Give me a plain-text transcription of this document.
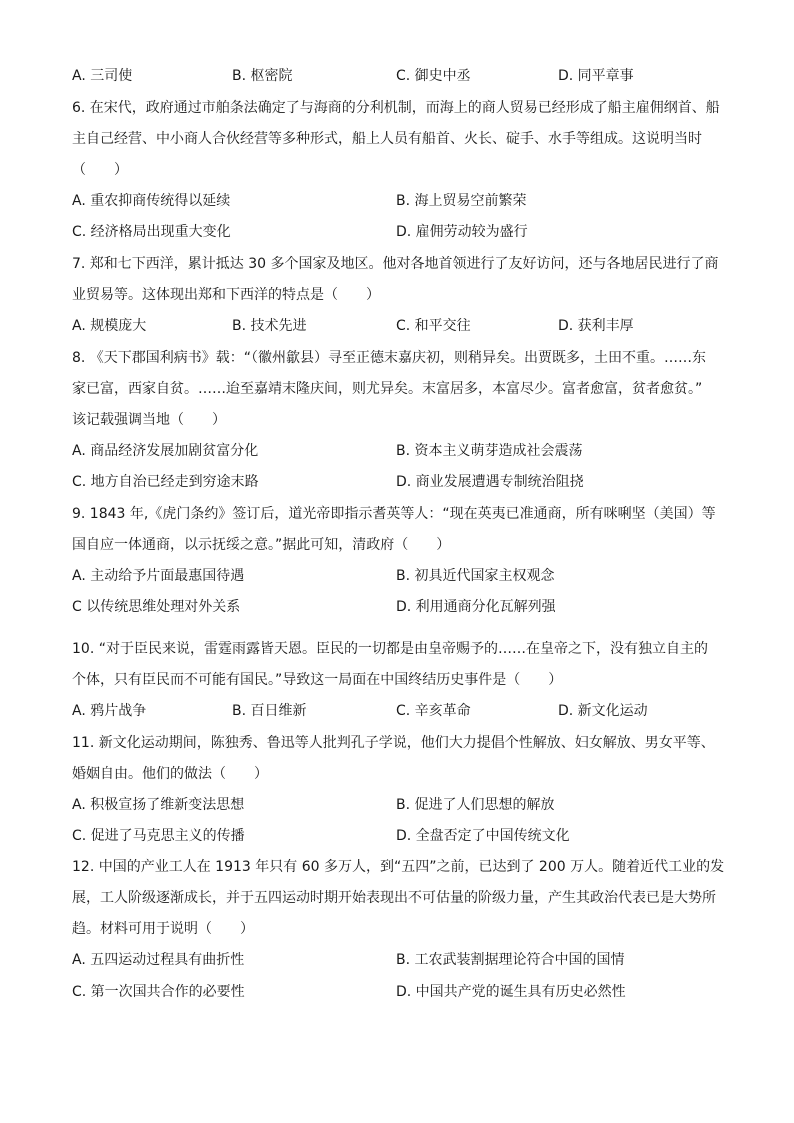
A. 三司使	B. 枢密院	C. 御史中丞	D. 同平章事
6. 在宋代，政府通过市舶条法确定了与海商的分利机制，而海上的商人贸易已经形成了船主雇佣纲首、船
主自己经营、中小商人合伙经营等多种形式，船上人员有船首、火长、碇手、水手等组成。这说明当时
（　　）
A. 重农抑商传统得以延续	B. 海上贸易空前繁荣
C. 经济格局出现重大变化	D. 雇佣劳动较为盛行
7. 郑和七下西洋，累计抵达 30 多个国家及地区。他对各地首领进行了友好访问，还与各地居民进行了商
业贸易等。这体现出郑和下西洋的特点是（　　）
A. 规模庞大	B. 技术先进	C. 和平交往	D. 获利丰厚
8. 《天下郡国利病书》载：“（徽州歙县）寻至正德末嘉庆初，则稍异矣。出贾既多，土田不重。……东
家已富，西家自贫。……迨至嘉靖末隆庆间，则尤异矣。末富居多，本富尽少。富者愈富，贫者愈贫。”
该记载强调当地（　　）
A. 商品经济发展加剧贫富分化	B. 资本主义萌芽造成社会震荡
C. 地方自治已经走到穷途末路	D. 商业发展遭遇专制统治阻挠
9. 1843 年,《虎门条约》签订后，道光帝即指示耆英等人：“现在英夷已准通商，所有咪唎坚（美国）等
国自应一体通商，以示抚绥之意。”据此可知，清政府（　　）
A. 主动给予片面最惠国待遇	B. 初具近代国家主权观念
C 以传统思维处理对外关系	D. 利用通商分化瓦解列强
10. “对于臣民来说，雷霆雨露皆天恩。臣民的一切都是由皇帝赐予的……在皇帝之下，没有独立自主的
个体，只有臣民而不可能有国民。”导致这一局面在中国终结历史事件是（　　）
A. 鸦片战争	B. 百日维新	C. 辛亥革命	D. 新文化运动
11. 新文化运动期间，陈独秀、鲁迅等人批判孔子学说，他们大力提倡个性解放、妇女解放、男女平等、
婚姻自由。他们的做法（　　）
A. 积极宣扬了维新变法思想	B. 促进了人们思想的解放
C. 促进了马克思主义的传播	D. 全盘否定了中国传统文化
12. 中国的产业工人在 1913 年只有 60 多万人，到“五四”之前，已达到了 200 万人。随着近代工业的发
展，工人阶级逐渐成长，并于五四运动时期开始表现出不可估量的阶级力量，产生其政治代表已是大势所
趋。材料可用于说明（　　）
A. 五四运动过程具有曲折性	B. 工农武装割据理论符合中国的国情
C. 第一次国共合作的必要性	D. 中国共产党的诞生具有历史必然性
